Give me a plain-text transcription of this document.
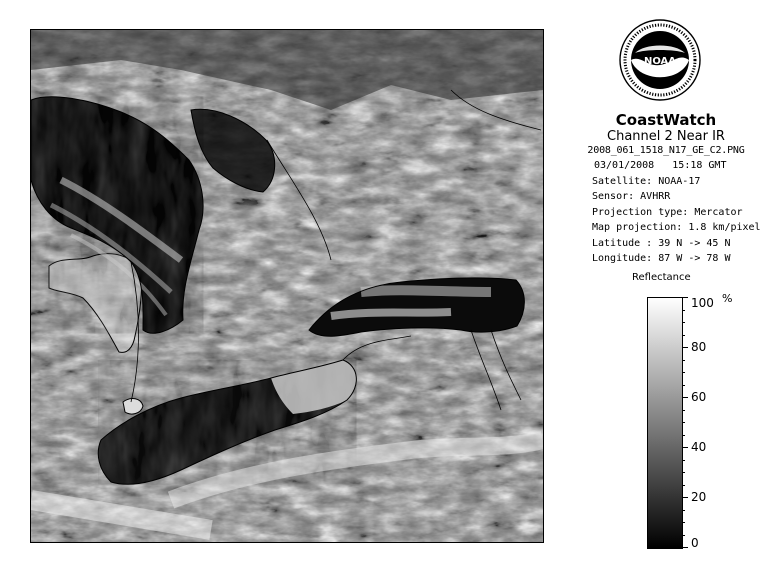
NOAA
CoastWatch
Channel 2 Near IR
2008_061_1518_N17_GE_C2.PNG
03/01/2008 15:18 GMT
Satellite: NOAA-17
Sensor: AVHRR
Projection type: Mercator
Map projection: 1.8 km/pixel
Latitude : 39 N -> 45 N
Longitude: 87 W -> 78 W
Reflectance
%
100
80
60
40
20
0
